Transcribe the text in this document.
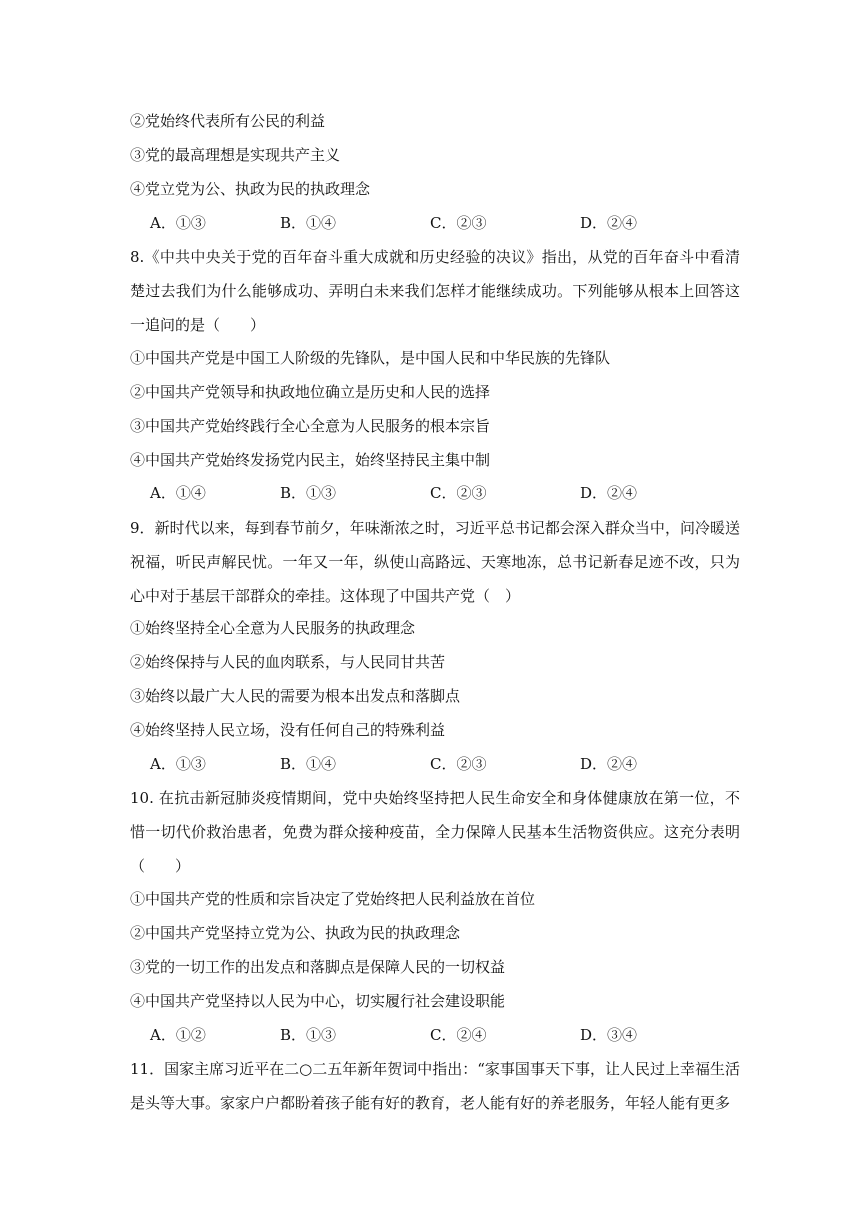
②党始终代表所有公民的利益
③党的最高理想是实现共产主义
④党立党为公、执政为民的执政理念
A．①③	B．①④	C．②③	D．②④
8.《中共中央关于党的百年奋斗重大成就和历史经验的决议》指出，从党的百年奋斗中看清楚过去我们为什么能够成功、弄明白未来我们怎样才能继续成功。下列能够从根本上回答这一追问的是（　　）
①中国共产党是中国工人阶级的先锋队，是中国人民和中华民族的先锋队
②中国共产党领导和执政地位确立是历史和人民的选择
③中国共产党始终践行全心全意为人民服务的根本宗旨
④中国共产党始终发扬党内民主，始终坚持民主集中制
A．①④	B．①③	C．②③	D．②④
9．新时代以来，每到春节前夕，年味渐浓之时，习近平总书记都会深入群众当中，问冷暖送祝福，听民声解民忧。一年又一年，纵使山高路远、天寒地冻，总书记新春足迹不改，只为心中对于基层干部群众的牵挂。这体现了中国共产党（　）
①始终坚持全心全意为人民服务的执政理念
②始终保持与人民的血肉联系，与人民同甘共苦
③始终以最广大人民的需要为根本出发点和落脚点
④始终坚持人民立场，没有任何自己的特殊利益
A．①③	B．①④	C．②③	D．②④
10. 在抗击新冠肺炎疫情期间，党中央始终坚持把人民生命安全和身体健康放在第一位，不惜一切代价救治患者，免费为群众接种疫苗，全力保障人民基本生活物资供应。这充分表明（　　）
①中国共产党的性质和宗旨决定了党始终把人民利益放在首位
②中国共产党坚持立党为公、执政为民的执政理念
③党的一切工作的出发点和落脚点是保障人民的一切权益
④中国共产党坚持以人民为中心，切实履行社会建设职能
A．①②	B．①③	C．②④	D．③④
11．国家主席习近平在二○二五年新年贺词中指出：“家事国事天下事，让人民过上幸福生活是头等大事。家家户户都盼着孩子能有好的教育，老人能有好的养老服务，年轻人能有更多
